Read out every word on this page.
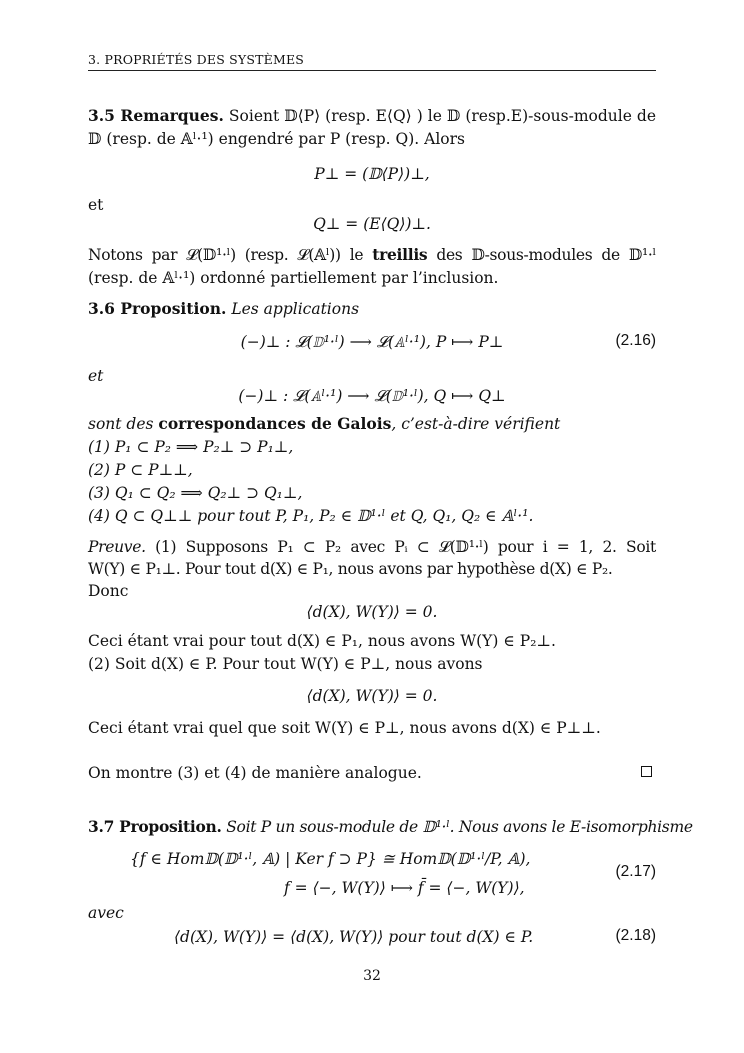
3. PROPRIÉTÉS DES SYSTÈMES
3.5 Remarques. Soient 𝔻⟨P⟩ (resp. E⟨Q⟩ ) le 𝔻 (resp.E)-sous-module de
𝔻 (resp. de 𝔸ˡ·¹) engendré par P (resp. Q). Alors
P⊥ = (𝔻⟨P⟩)⊥,
et
Q⊥ = (E⟨Q⟩)⊥.
Notons par 𝓛(𝔻¹·ˡ) (resp. 𝓛(𝔸ˡ)) le treillis des 𝔻-sous-modules de 𝔻¹·ˡ
(resp. de 𝔸ˡ·¹) ordonné partiellement par l’inclusion.
3.6 Proposition. Les applications
(−)⊥ : 𝓛(𝔻¹·ˡ) ⟶ 𝓛(𝔸ˡ·¹), P ⟼ P⊥	(2.16)
et
(−)⊥ : 𝓛(𝔸ˡ·¹) ⟶ 𝓛(𝔻¹·ˡ), Q ⟼ Q⊥
sont des correspondances de Galois, c’est-à-dire vérifient
(1) P₁ ⊂ P₂ ⟹ P₂⊥ ⊃ P₁⊥,
(2) P ⊂ P⊥⊥,
(3) Q₁ ⊂ Q₂ ⟹ Q₂⊥ ⊃ Q₁⊥,
(4) Q ⊂ Q⊥⊥ pour tout P, P₁, P₂ ∈ 𝔻¹·ˡ et Q, Q₁, Q₂ ∈ 𝔸ˡ·¹.
Preuve. (1) Supposons P₁ ⊂ P₂ avec Pᵢ ⊂ 𝓛(𝔻¹·ˡ) pour i = 1, 2. Soit
W(Y) ∈ P₁⊥. Pour tout d(X) ∈ P₁, nous avons par hypothèse d(X) ∈ P₂.
Donc
⟨d(X), W(Y)⟩ = 0.
Ceci étant vrai pour tout d(X) ∈ P₁, nous avons W(Y) ∈ P₂⊥.
(2) Soit d(X) ∈ P. Pour tout W(Y) ∈ P⊥, nous avons
⟨d(X), W(Y)⟩ = 0.
Ceci étant vrai quel que soit W(Y) ∈ P⊥, nous avons d(X) ∈ P⊥⊥.
On montre (3) et (4) de manière analogue.
3.7 Proposition. Soit P un sous-module de 𝔻¹·ˡ. Nous avons le E-isomorphisme
{f ∈ Hom𝔻(𝔻¹·ˡ, 𝔸) | Ker f ⊃ P} ≅ Hom𝔻(𝔻¹·ˡ/P, 𝔸),
f = ⟨−, W(Y)⟩ ⟼ f̄ = ⟨−, W(Y)⟩,
(2.17)
avec
⟨d(X), W(Y)⟩ = ⟨d(X), W(Y)⟩ pour tout d(X) ∈ P.	(2.18)
32
